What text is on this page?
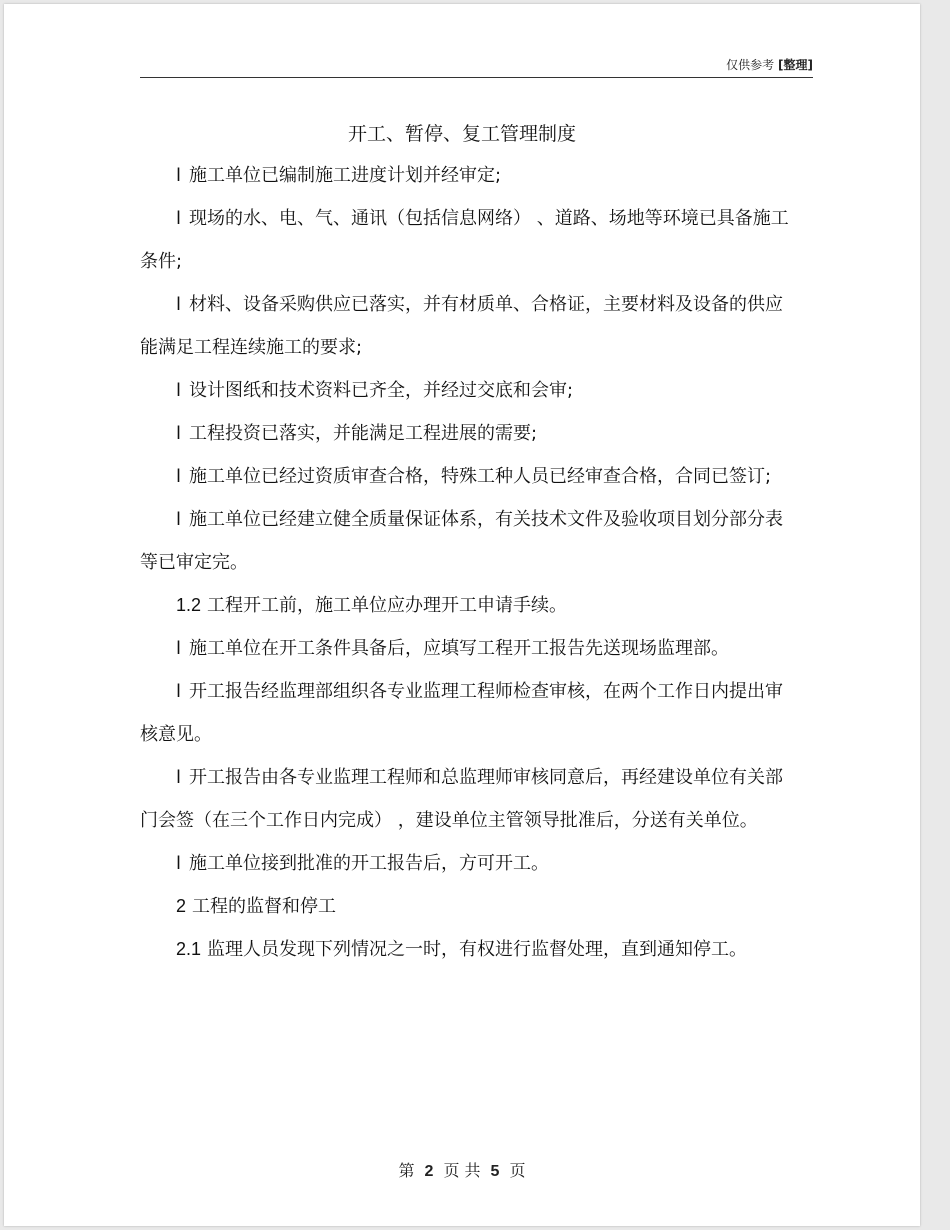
仅供参考 [整理]
开工、暂停、复工管理制度

l 施工单位已编制施工进度计划并经审定;

l 现场的水、电、气、通讯（包括信息网络） 、道路、场地等环境已具备施工条件;

l 材料、设备采购供应已落实，并有材质单、合格证，主要材料及设备的供应能满足工程连续施工的要求;

l 设计图纸和技术资料已齐全，并经过交底和会审;

l 工程投资已落实，并能满足工程进展的需要;

l 施工单位已经过资质审查合格，特殊工种人员已经审查合格，合同已签订;

l 施工单位已经建立健全质量保证体系，有关技术文件及验收项目划分部分表等已审定完。

1.2 工程开工前，施工单位应办理开工申请手续。

l 施工单位在开工条件具备后，应填写工程开工报告先送现场监理部。

l 开工报告经监理部组织各专业监理工程师检查审核，在两个工作日内提出审核意见。

l 开工报告由各专业监理工程师和总监理师审核同意后，再经建设单位有关部门会签（在三个工作日内完成） ，建设单位主管领导批准后，分送有关单位。

l 施工单位接到批准的开工报告后，方可开工。

2 工程的监督和停工

2.1 监理人员发现下列情况之一时，有权进行监督处理，直到通知停工。

第 2 页 共 5 页
